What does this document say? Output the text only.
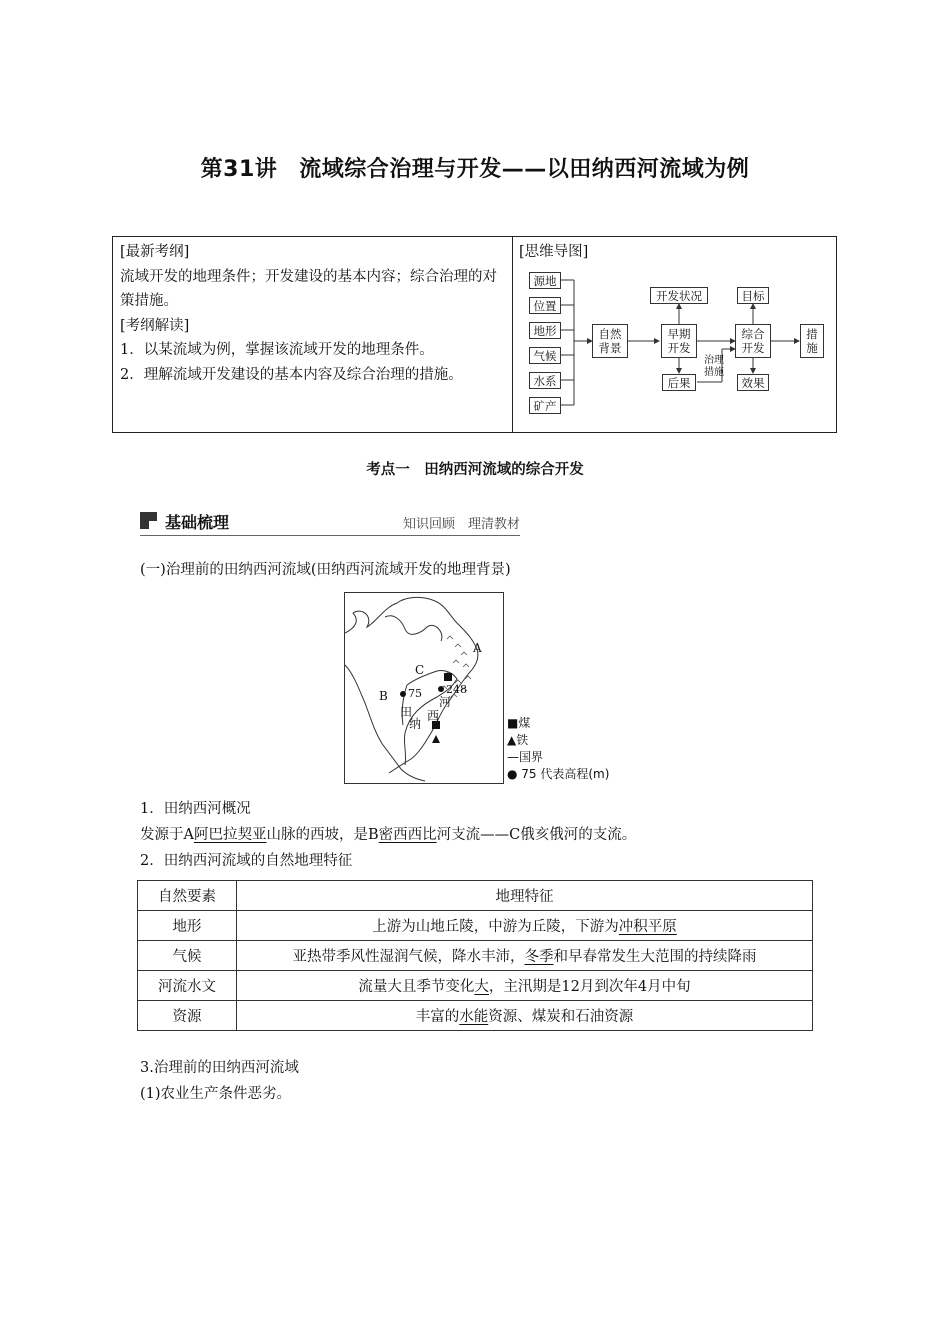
第31讲 流域综合治理与开发——以田纳西河流域为例

[最新考纲]

流域开发的地理条件；开发建设的基本内容；综合治理的对策措施。

[考纲解读]

1．以某流域为例，掌握该流域开发的地理条件。

2．理解流域开发建设的基本内容及综合治理的措施。

[思维导图]
源地
位置
地形
气候
水系
矿产
自然背景
早期开发
开发状况
后果
治理措施
综合开发
目标
效果
措施
考点一　田纳西河流域的综合开发
基础梳理	知识回顾　理清教材
(一)治理前的田纳西河流域(田纳西河流域开发的地理背景)
A
C
B 75 248
田
纳
西
河
■煤
▲铁
—国界
● 75 代表高程(m)
1．田纳西河概况
发源于A阿巴拉契亚山脉的西坡，是B密西西比河支流——C俄亥俄河的支流。
2．田纳西河流域的自然地理特征
自然要素	地理特征
地形	上游为山地丘陵，中游为丘陵，下游为冲积平原
气候	亚热带季风性湿润气候，降水丰沛，冬季和早春常发生大范围的持续降雨
河流水文	流量大且季节变化大，主汛期是12月到次年4月中旬
资源	丰富的水能资源、煤炭和石油资源
3.治理前的田纳西河流域
(1)农业生产条件恶劣。
